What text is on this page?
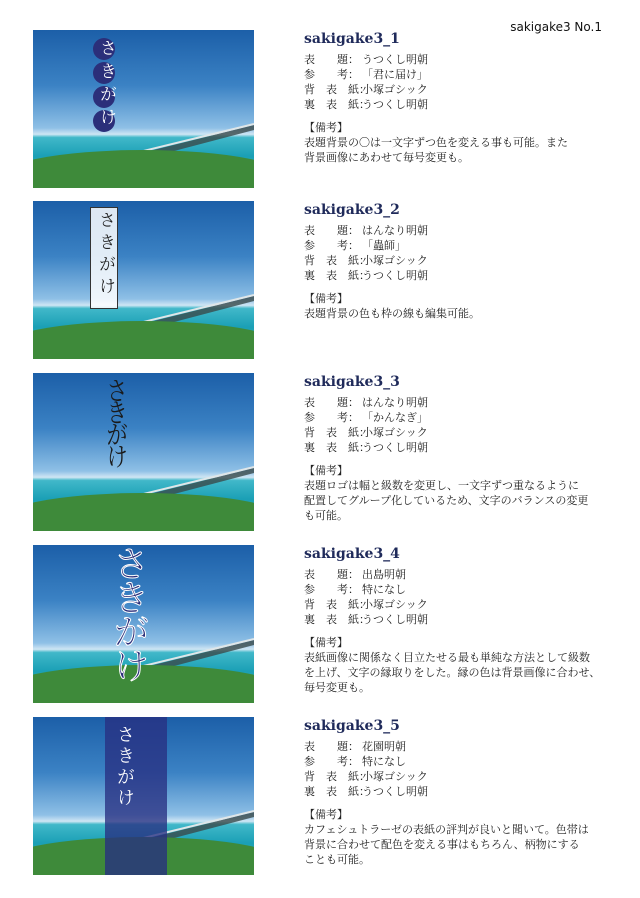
sakigake3 No.1
さきがけ	sakigake3_1
表　　題： うつくし明朝
参　　考： 「君に届け」
背　表　紙：
小塚ゴシック
裏　表　紙：
うつくし明朝
【備考】
表題背景の〇は一文字ずつ色を変える事も可能。また
背景画像にあわせて毎号変更も。
さきがけ
sakigake3_2
表　　題： はんなり明朝
参　　考： 「蟲師」
背　表　紙：
小塚ゴシック
裏　表　紙：
うつくし明朝
【備考】
表題背景の色も枠の線も編集可能。
さきがけ	sakigake3_3
表　　題： はんなり明朝
参　　考： 「かんなぎ」
背　表　紙：
小塚ゴシック
裏　表　紙：
うつくし明朝
【備考】
表題ロゴは幅と級数を変更し、一文字ずつ重なるように
配置してグループ化しているため、文字のバランスの変更
も可能。
さきがけ	sakigake3_4
表　　題： 出島明朝
参　　考： 特になし
背　表　紙：
小塚ゴシック
裏　表　紙：
うつくし明朝
【備考】
表紙画像に関係なく目立たせる最も単純な方法として級数
を上げ、文字の縁取りをした。縁の色は背景画像に合わせ、
毎号変更も。
さきがけ	sakigake3_5
表　　題： 花園明朝
参　　考： 特になし
背　表　紙：
小塚ゴシック
裏　表　紙：
うつくし明朝
【備考】
カフェシュトラーゼの表紙の評判が良いと聞いて。色帯は
背景に合わせて配色を変える事はもちろん、柄物にする
ことも可能。
